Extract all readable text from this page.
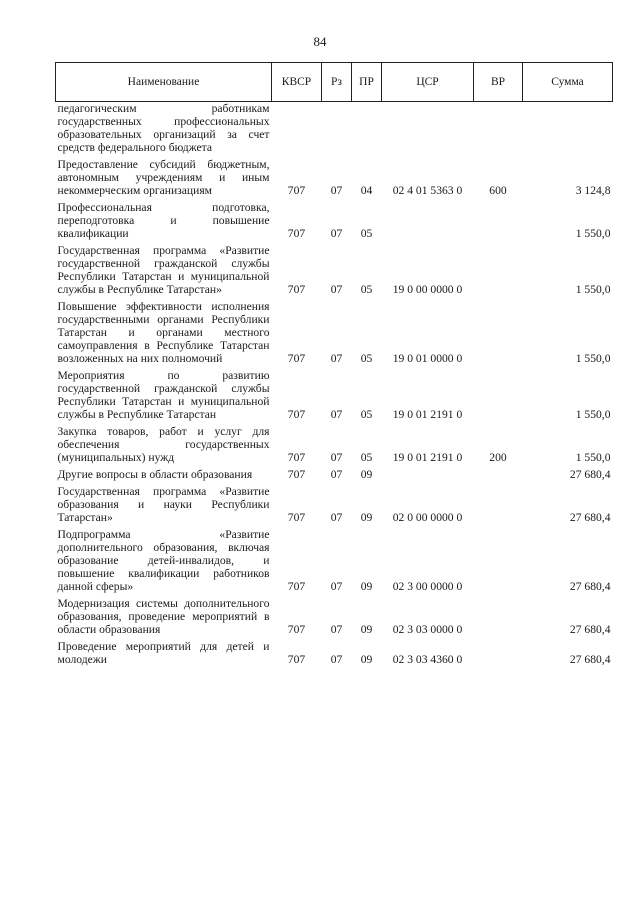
84
Наименование	КВСР	Рз	ПР	ЦСР	ВР	Сумма
педагогическим работникам государственных профессиональных образовательных организаций за счет средств федерального бюджета						

Предоставление субсидий бюджетным, автономным учреждениям и иным некоммерческим организациям	707	07	04	02 4 01 5363 0	600	3 124,8

Профессиональная подготовка, переподготовка и повышение квалификации	707	07	05			1 550,0

Государственная программа «Развитие государственной гражданской службы Республики Татарстан и муниципальной службы в Республике Татарстан»	707	07	05	19 0 00 0000 0		1 550,0

Повышение эффективности исполнения государственными органами Республики Татарстан и органами местного самоуправления в Республике Татарстан возложенных на них полномочий	707	07	05	19 0 01 0000 0		1 550,0

Мероприятия по развитию государственной гражданской службы Республики Татарстан и муниципальной службы в Республике Татарстан	707	07	05	19 0 01 2191 0		1 550,0

Закупка товаров, работ и услуг для обеспечения государственных (муниципальных) нужд	707	07	05	19 0 01 2191 0	200	1 550,0

Другие вопросы в области образования	707	07	09			27 680,4

Государственная программа «Развитие образования и науки Республики Татарстан»	707	07	09	02 0 00 0000 0		27 680,4

Подпрограмма «Развитие дополнительного образования, включая образование детей-инвалидов, и повышение квалификации работников данной сферы»	707	07	09	02 3 00 0000 0		27 680,4

Модернизация системы дополнительного образования, проведение мероприятий в области образования	707	07	09	02 3 03 0000 0		27 680,4

Проведение мероприятий для детей и молодежи	707	07	09	02 3 03 4360 0		27 680,4
